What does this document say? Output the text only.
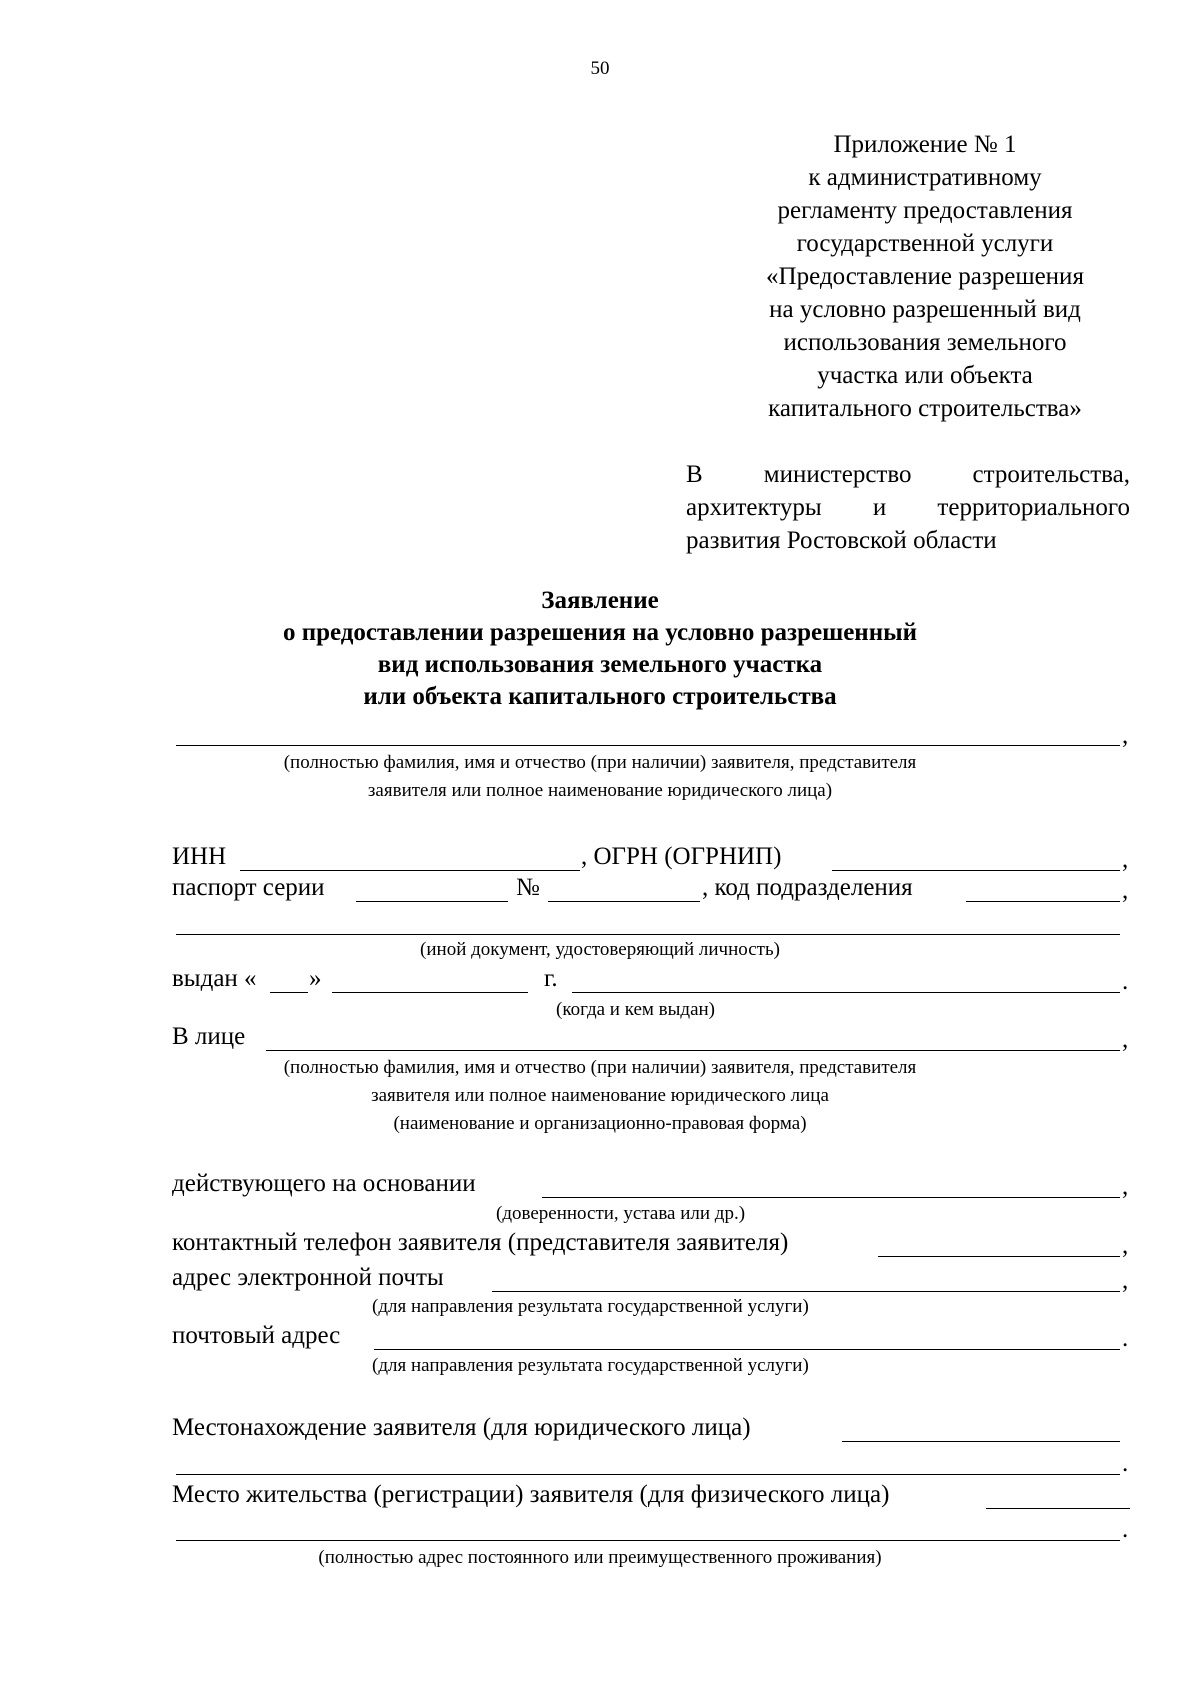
50
Приложение № 1
к административному
регламенту предоставления
государственной услуги
«Предоставление разрешения
на условно разрешенный вид
использования земельного
участка или объекта
капитального строительства»
В министерство строительства,
архитектуры и территориального
развития Ростовской области
Заявление
о предоставлении разрешения на условно разрешенный
вид использования земельного участка
или объекта капитального строительства
,
(полностью фамилия, имя и отчество (при наличии) заявителя, представителя
заявителя или полное наименование юридического лица)
ИНН	, ОГРН (ОГРНИП)	,
паспорт серии	№	, код подразделения	,
(иной документ, удостоверяющий личность)
выдан « »	г.	.
(когда и кем выдан)
В лице	,
(полностью фамилия, имя и отчество (при наличии) заявителя, представителя
заявителя или полное наименование юридического лица
(наименование и организационно-правовая форма)
действующего на основании	,
(доверенности, устава или др.)
контактный телефон заявителя (представителя заявителя)	,
адрес электронной почты	,
(для направления результата государственной услуги)
почтовый адрес	.
(для направления результата государственной услуги)
Местонахождение заявителя (для юридического лица)
.
Место жительства (регистрации) заявителя (для физического лица)
.
(полностью адрес постоянного или преимущественного проживания)
